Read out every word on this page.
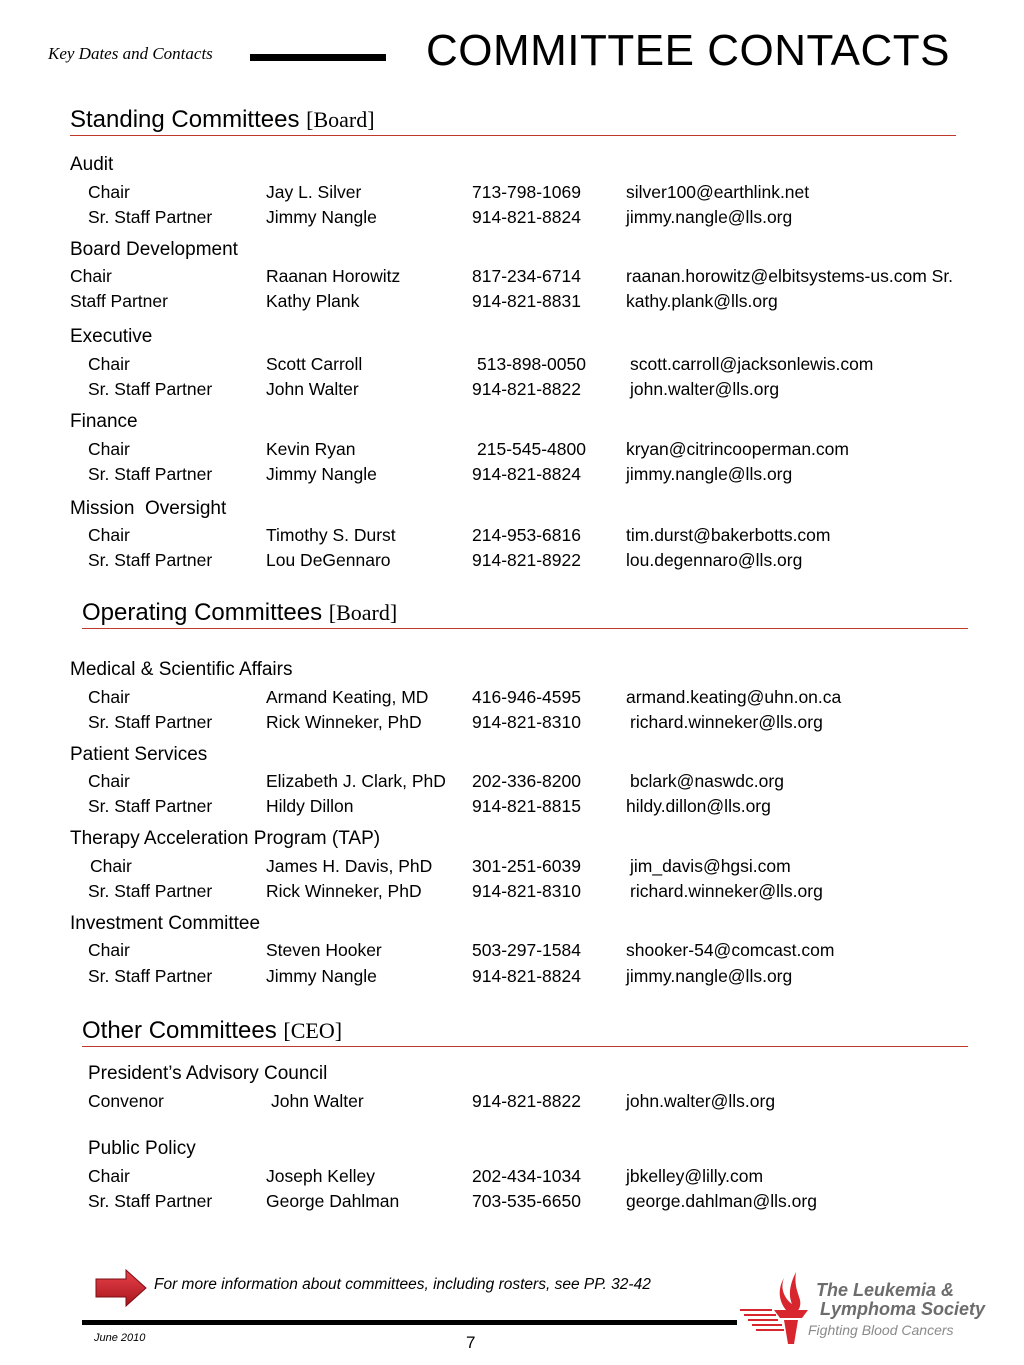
Key Dates and Contacts	COMMITTEE CONTACTS
Standing Committees [Board]
Operating Committees [Board]
Other Committees [CEO]
Audit
Chair	Jay L. Silver	713-798-1069	silver100@earthlink.net
Sr. Staff Partner	Jimmy Nangle	914-821-8824	jimmy.nangle@lls.org
Board Development
Chair	Raanan Horowitz	817-234-6714	raanan.horowitz@elbitsystems-us.com Sr.
Staff Partner	Kathy Plank	914-821-8831	kathy.plank@lls.org
Executive
Chair	Scott Carroll	513-898-0050	scott.carroll@jacksonlewis.com
Sr. Staff Partner	John Walter	914-821-8822	john.walter@lls.org
Finance
Chair	Kevin Ryan	215-545-4800 kryan@citrincooperman.com
Sr. Staff Partner	Jimmy Nangle	914-821-8824	jimmy.nangle@lls.org
Mission  Oversight
Chair	Timothy S. Durst	214-953-6816	tim.durst@bakerbotts.com
Sr. Staff Partner	Lou DeGennaro	914-821-8922	lou.degennaro@lls.org
Medical & Scientific Affairs
Chair	Armand Keating, MD 416-946-4595	armand.keating@uhn.on.ca
Sr. Staff Partner	Rick Winneker, PhD	914-821-8310	richard.winneker@lls.org
Patient Services
Chair	Elizabeth J. Clark, PhD 202-336-8200	bclark@naswdc.org
Sr. Staff Partner	Hildy Dillon	914-821-8815	hildy.dillon@lls.org
Therapy Acceleration Program (TAP)
Chair	James H. Davis, PhD 301-251-6039	jim_davis@hgsi.com
Sr. Staff Partner	Rick Winneker, PhD	914-821-8310	richard.winneker@lls.org
Investment Committee
Chair	Steven Hooker	503-297-1584	shooker-54@comcast.com
Sr. Staff Partner	Jimmy Nangle	914-821-8824	jimmy.nangle@lls.org
President’s Advisory Council
Convenor	John Walter	914-821-8822	john.walter@lls.org
Public Policy
Chair	Joseph Kelley	202-434-1034	jbkelley@lilly.com
Sr. Staff Partner	George Dahlman	703-535-6650	george.dahlman@lls.org
For more information about committees, including rosters, see PP. 32-42
June 2010	7
The Leukemia &
Lymphoma Society
Fighting Blood Cancers
